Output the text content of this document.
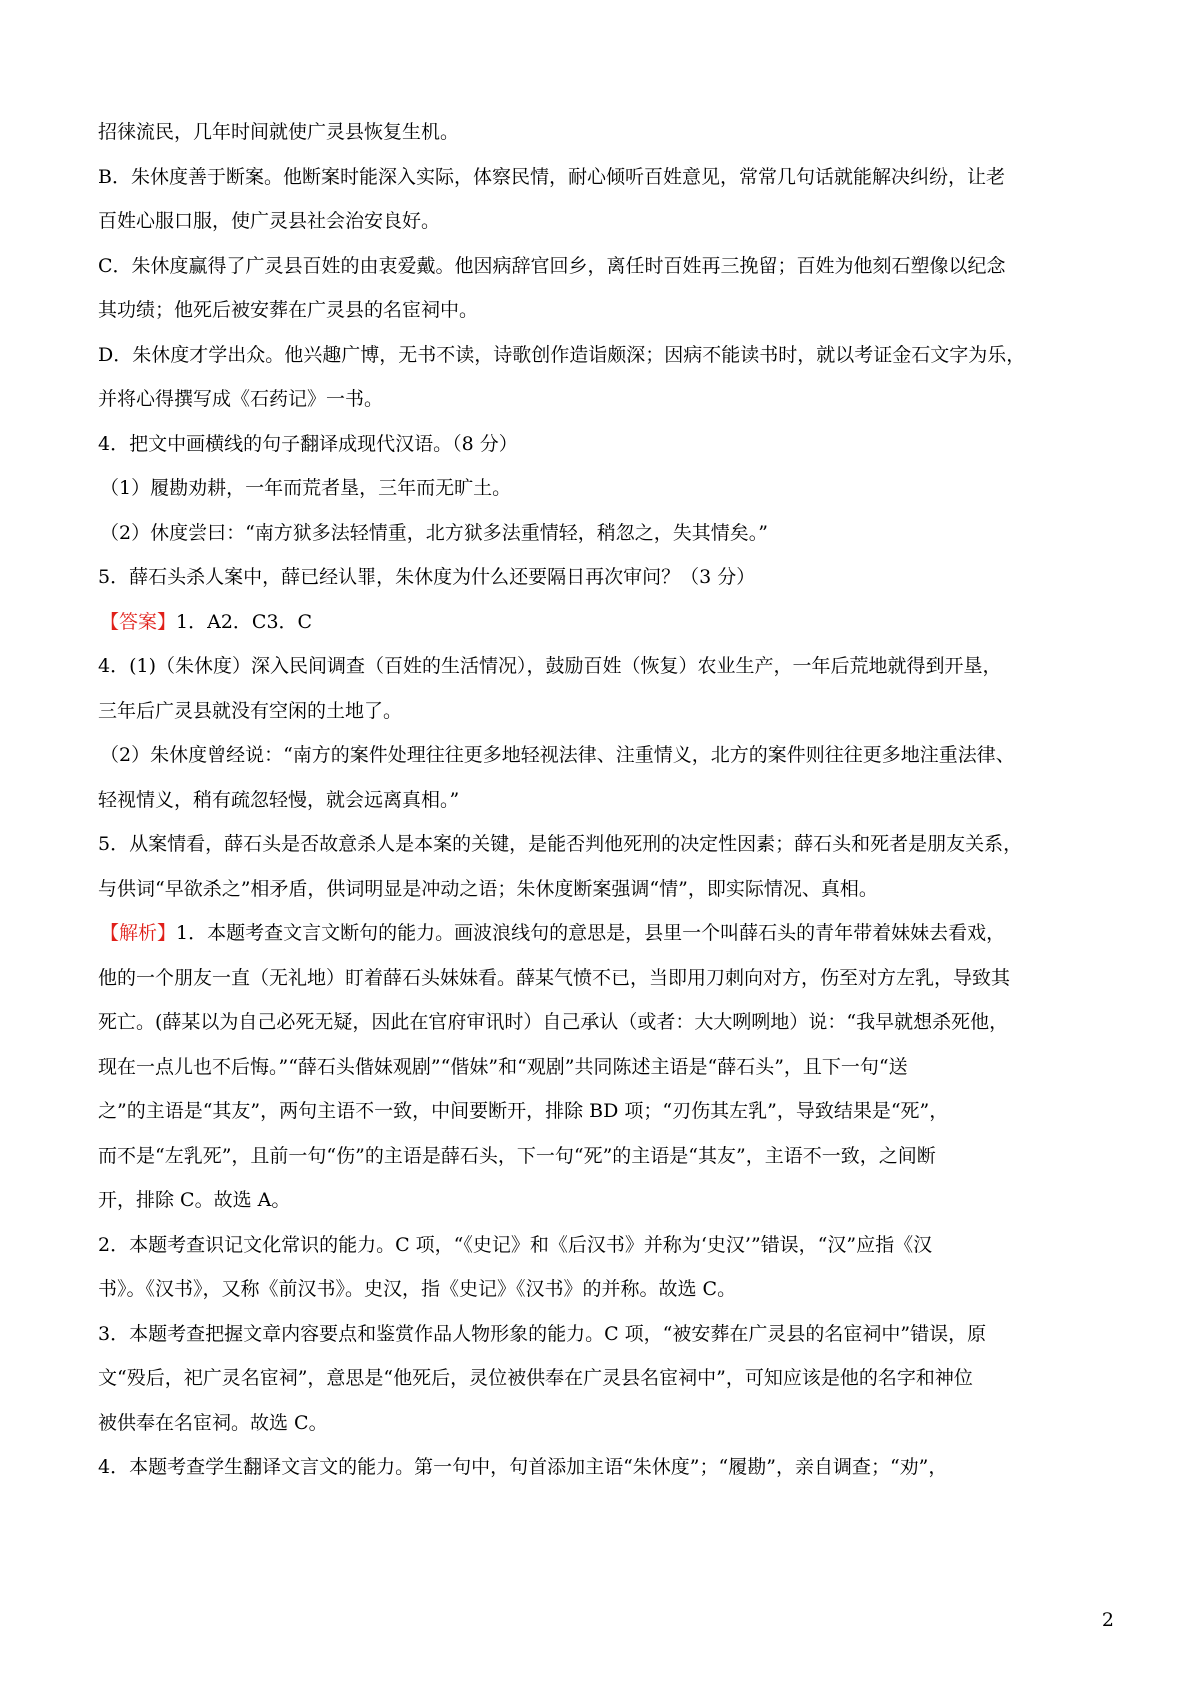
招徕流民，几年时间就使广灵县恢复生机。

B．朱休度善于断案。他断案时能深入实际，体察民情，耐心倾听百姓意见，常常几句话就能解决纠纷，让老

百姓心服口服，使广灵县社会治安良好。

C．朱休度赢得了广灵县百姓的由衷爱戴。他因病辞官回乡，离任时百姓再三挽留；百姓为他刻石塑像以纪念

其功绩；他死后被安葬在广灵县的名宦祠中。

D．朱休度才学出众。他兴趣广博，无书不读，诗歌创作造诣颇深；因病不能读书时，就以考证金石文字为乐，

并将心得撰写成《石药记》一书。

4．把文中画横线的句子翻译成现代汉语。（8 分）

（1）履勘劝耕，一年而荒者垦，三年而无旷土。

（2）休度尝曰：“南方狱多法轻情重，北方狱多法重情轻，稍忽之，失其情矣。”

5．薛石头杀人案中，薛已经认罪，朱休度为什么还要隔日再次审问？（3 分）

【答案】1．A2．C3．C

4．(1)（朱休度）深入民间调查（百姓的生活情况），鼓励百姓（恢复）农业生产，一年后荒地就得到开垦，

三年后广灵县就没有空闲的土地了。

（2）朱休度曾经说：“南方的案件处理往往更多地轻视法律、注重情义，北方的案件则往往更多地注重法律、

轻视情义，稍有疏忽轻慢，就会远离真相。”

5．从案情看，薛石头是否故意杀人是本案的关键，是能否判他死刑的决定性因素；薛石头和死者是朋友关系，

与供词“早欲杀之”相矛盾，供词明显是冲动之语；朱休度断案强调“情”，即实际情况、真相。

【解析】1．本题考查文言文断句的能力。画波浪线句的意思是，县里一个叫薛石头的青年带着妹妹去看戏，

他的一个朋友一直（无礼地）盯着薛石头妹妹看。薛某气愤不已，当即用刀刺向对方，伤至对方左乳，导致其

死亡。(薛某以为自己必死无疑，因此在官府审讯时）自己承认（或者：大大咧咧地）说：“我早就想杀死他，

现在一点儿也不后悔。”“薛石头偕妹观剧”“偕妹”和“观剧”共同陈述主语是“薛石头”，且下一句“送

之”的主语是“其友”，两句主语不一致，中间要断开，排除 BD 项；“刃伤其左乳”，导致结果是“死”，

而不是“左乳死”，且前一句“伤”的主语是薛石头，下一句“死”的主语是“其友”，主语不一致，之间断

开，排除 C。故选 A。

2．本题考查识记文化常识的能力。C 项，“《史记》和《后汉书》并称为‘史汉’”错误，“汉”应指《汉

书》。《汉书》，又称《前汉书》。史汉，指《史记》《汉书》的并称。故选 C。

3．本题考查把握文章内容要点和鉴赏作品人物形象的能力。C 项，“被安葬在广灵县的名宦祠中”错误，原

文“殁后，祀广灵名宦祠”，意思是“他死后，灵位被供奉在广灵县名宦祠中”，可知应该是他的名字和神位

被供奉在名宦祠。故选 C。

4．本题考查学生翻译文言文的能力。第一句中，句首添加主语“朱休度”；“履勘”，亲自调查；“劝”，

2
